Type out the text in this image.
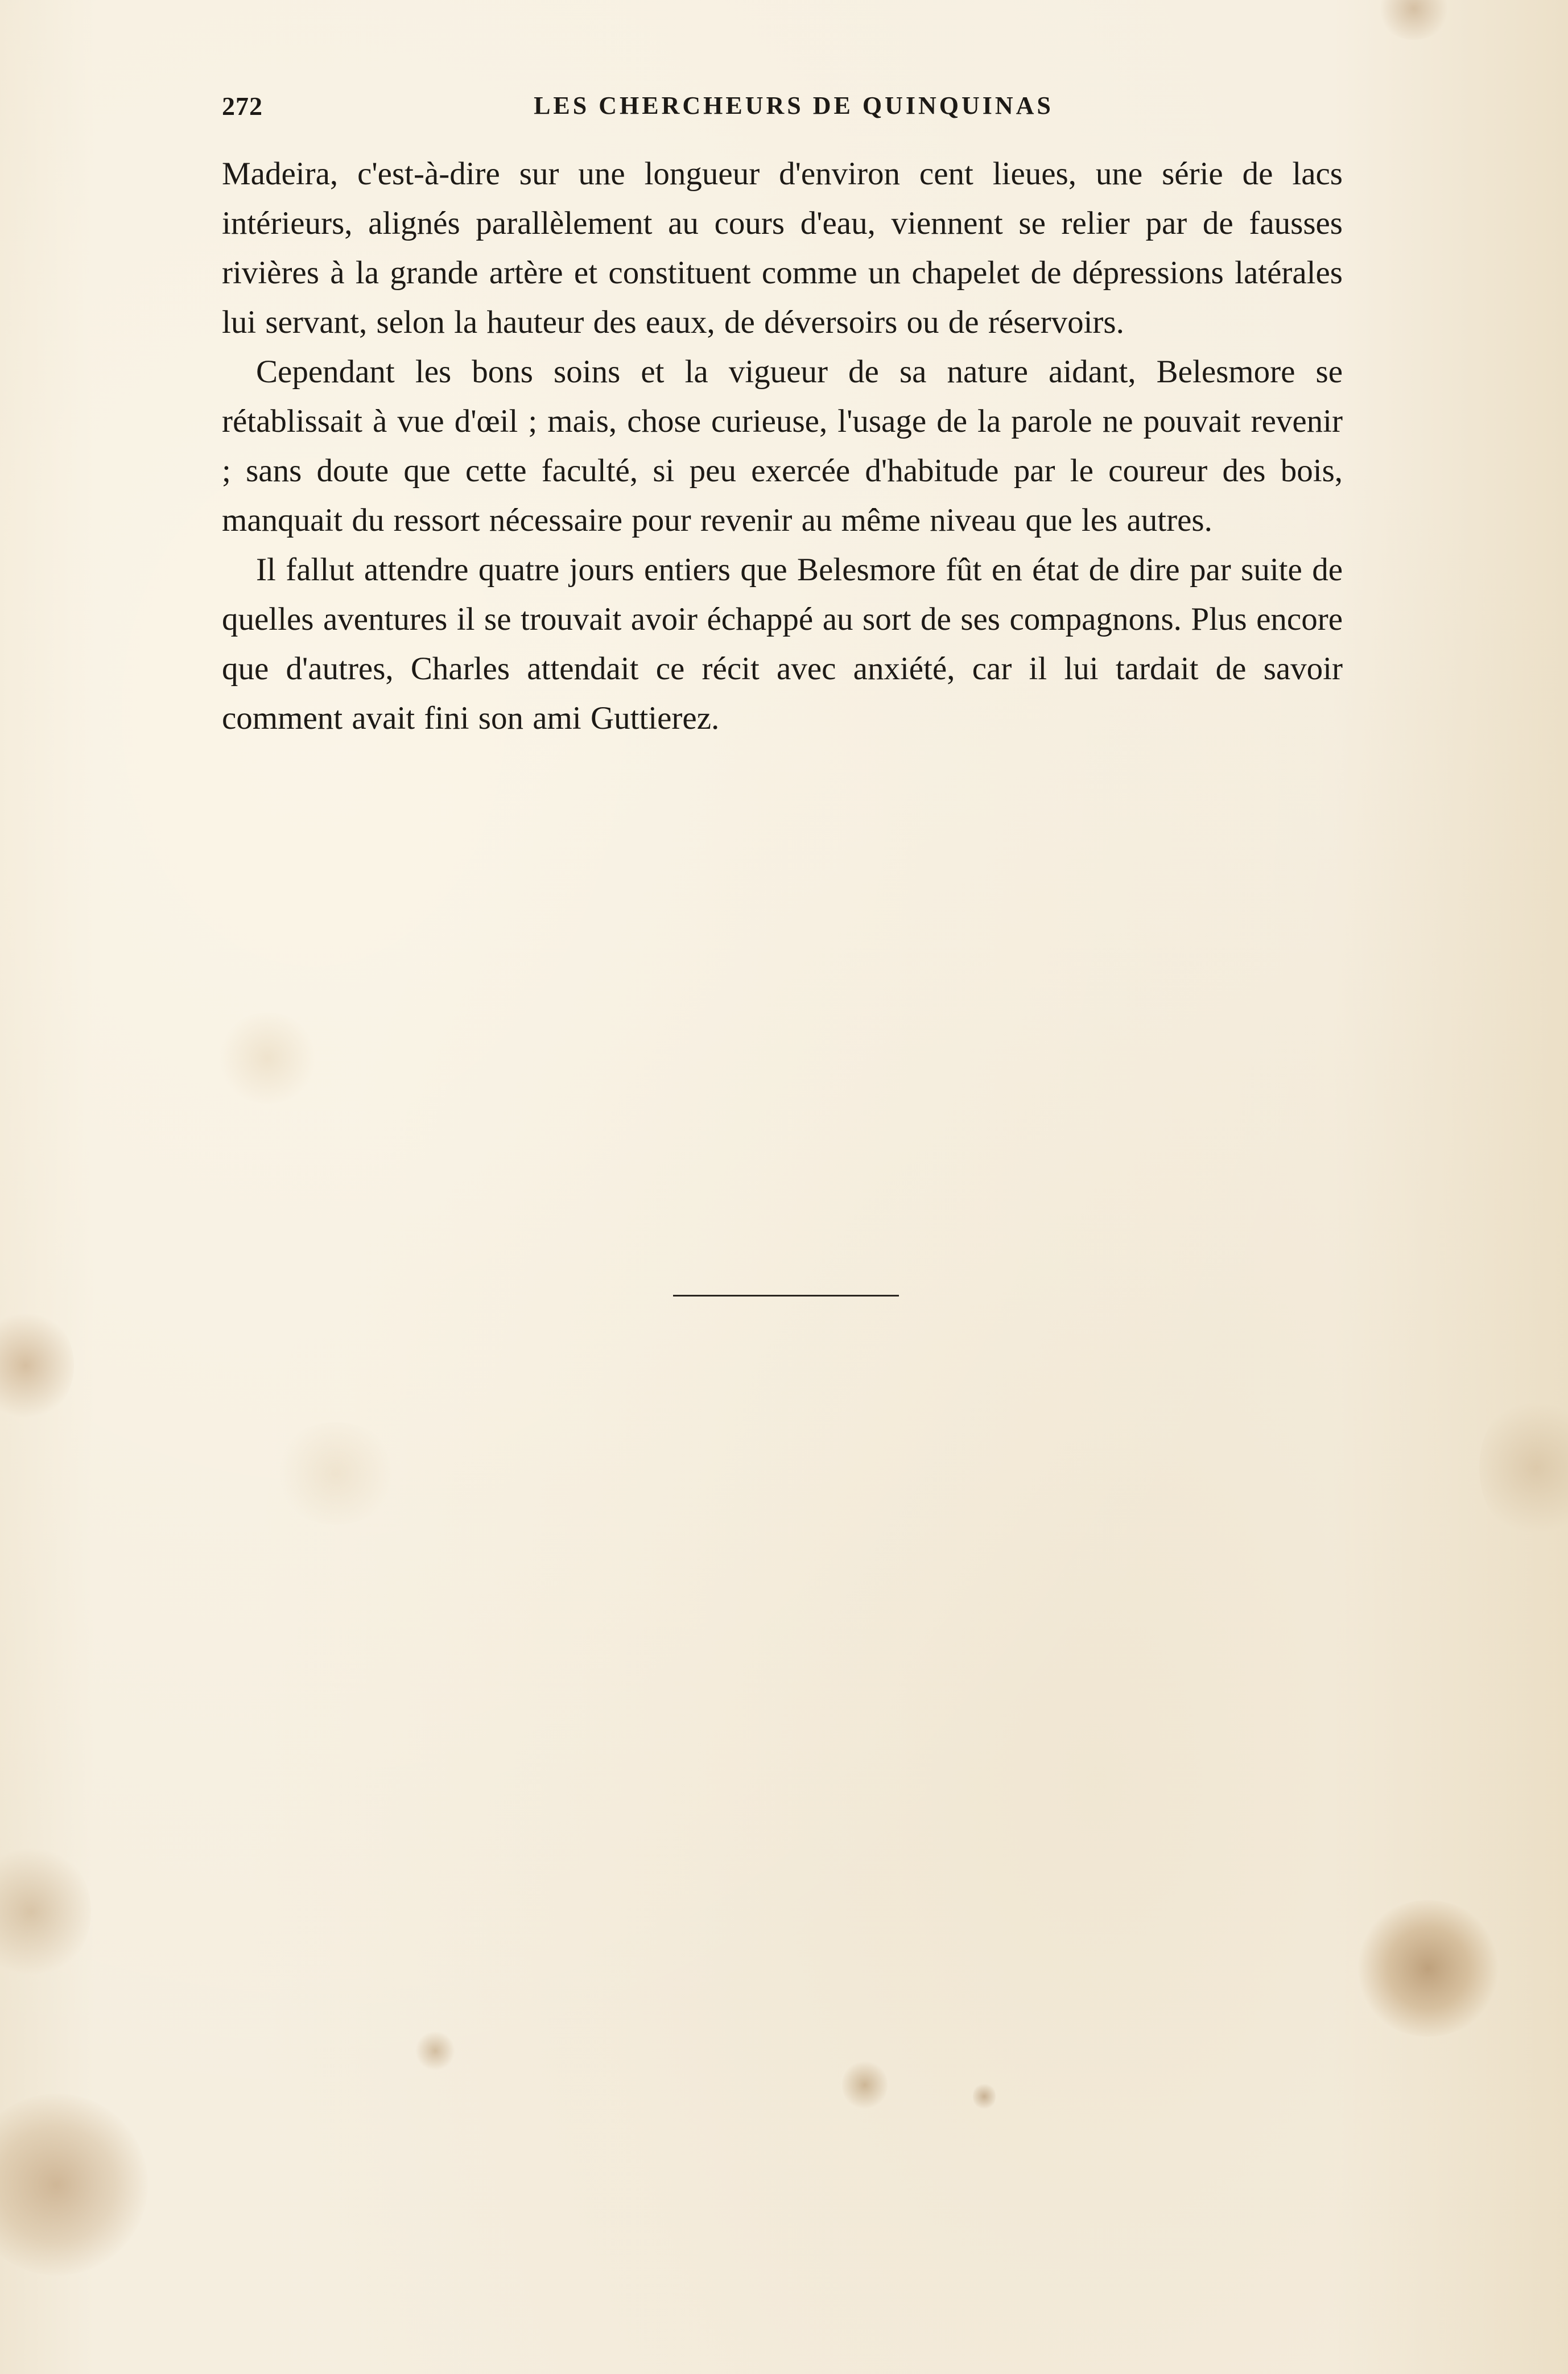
272	LES CHERCHEURS DE QUINQUINAS

Madeira, c'est-à-dire sur une longueur d'environ cent lieues, une série de lacs intérieurs, alignés parallèlement au cours d'eau, viennent se relier par de fausses rivières à la grande artère et constituent comme un chapelet de dépressions latérales lui servant, selon la hauteur des eaux, de déversoirs ou de réservoirs.

Cependant les bons soins et la vigueur de sa nature aidant, Belesmore se rétablissait à vue d'œil ; mais, chose curieuse, l'usage de la parole ne pouvait revenir ; sans doute que cette faculté, si peu exercée d'habitude par le coureur des bois, manquait du ressort nécessaire pour revenir au même niveau que les autres.

Il fallut attendre quatre jours entiers que Belesmore fût en état de dire par suite de quelles aventures il se trouvait avoir échappé au sort de ses compagnons. Plus encore que d'autres, Charles attendait ce récit avec anxiété, car il lui tardait de savoir comment avait fini son ami Guttierez.
